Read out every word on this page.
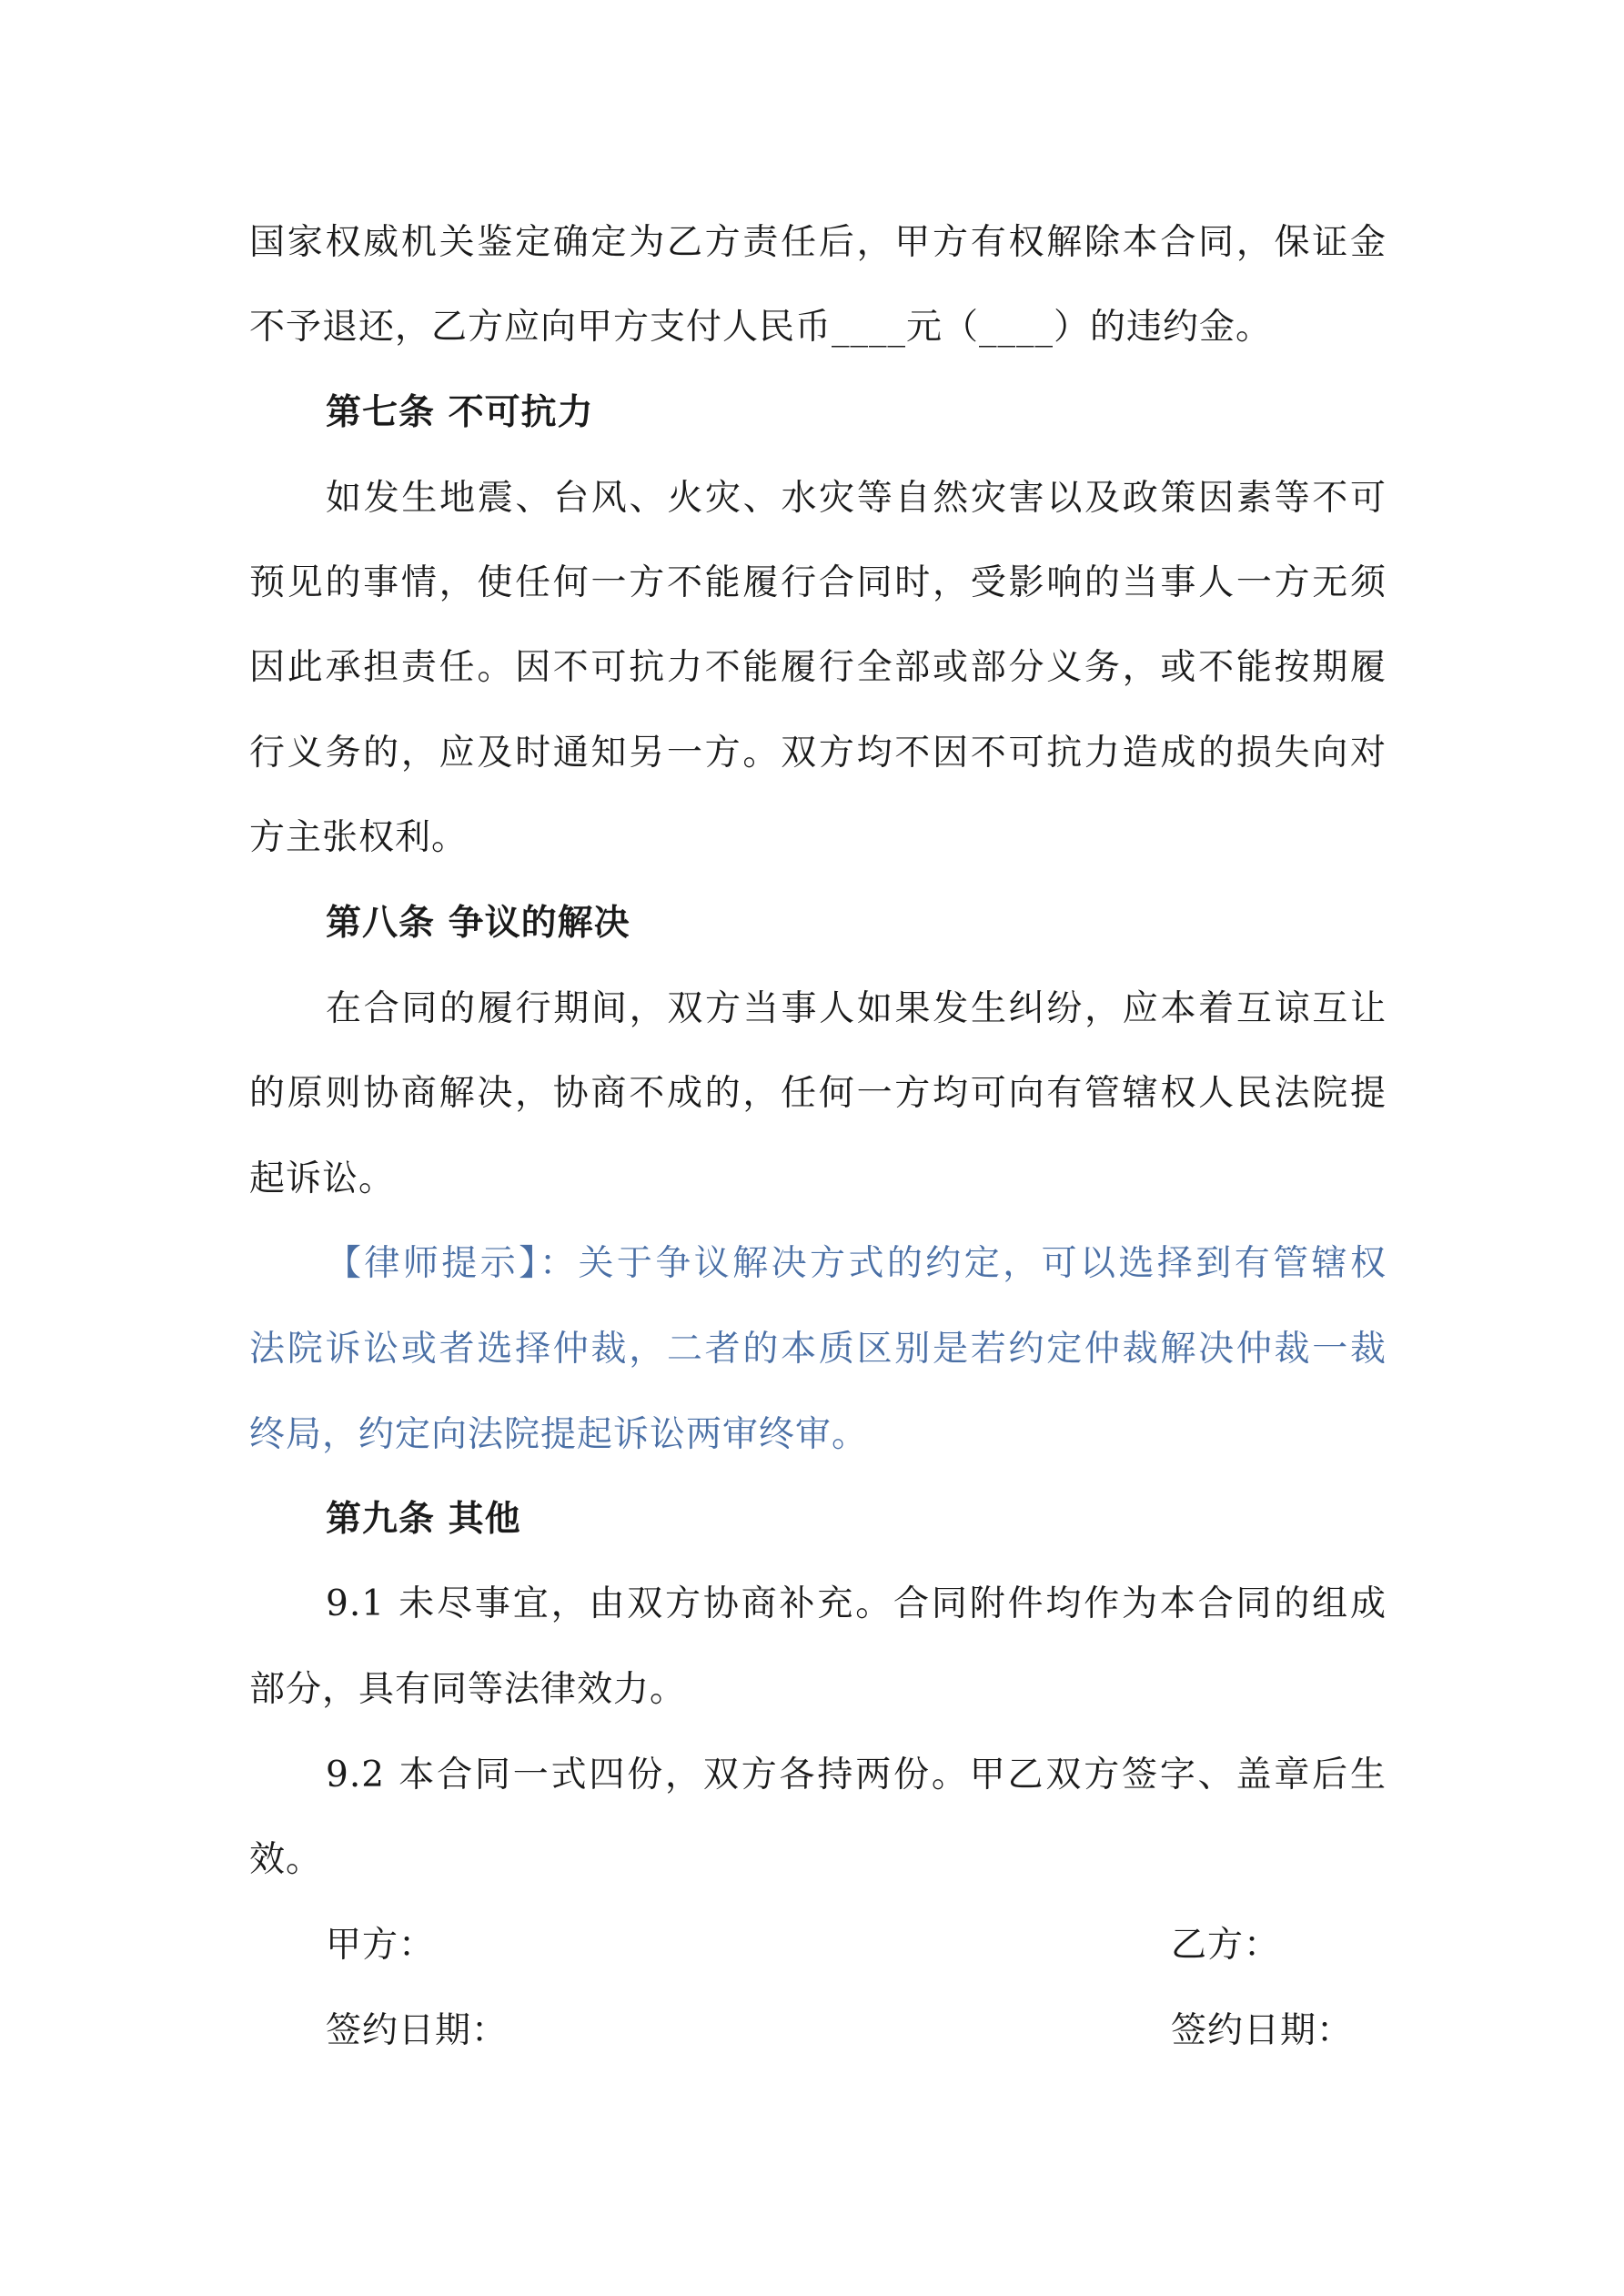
国家权威机关鉴定确定为乙方责任后，甲方有权解除本合同，保证金
不予退还，乙方应向甲方支付人民币____元（____）的违约金。
第七条 不可抗力
如发生地震、台风、火灾、水灾等自然灾害以及政策因素等不可
预见的事情，使任何一方不能履行合同时，受影响的当事人一方无须
因此承担责任。因不可抗力不能履行全部或部分义务，或不能按期履
行义务的，应及时通知另一方。双方均不因不可抗力造成的损失向对
方主张权利。
第八条 争议的解决
在合同的履行期间，双方当事人如果发生纠纷，应本着互谅互让
的原则协商解决，协商不成的，任何一方均可向有管辖权人民法院提
起诉讼。
【律师提示】：关于争议解决方式的约定，可以选择到有管辖权
法院诉讼或者选择仲裁，二者的本质区别是若约定仲裁解决仲裁一裁
终局，约定向法院提起诉讼两审终审。
第九条 其他
9.1 未尽事宜，由双方协商补充。合同附件均作为本合同的组成
部分，具有同等法律效力。
9.2 本合同一式四份，双方各持两份。甲乙双方签字、盖章后生
效。
甲方：	乙方：
签约日期：	签约日期：
